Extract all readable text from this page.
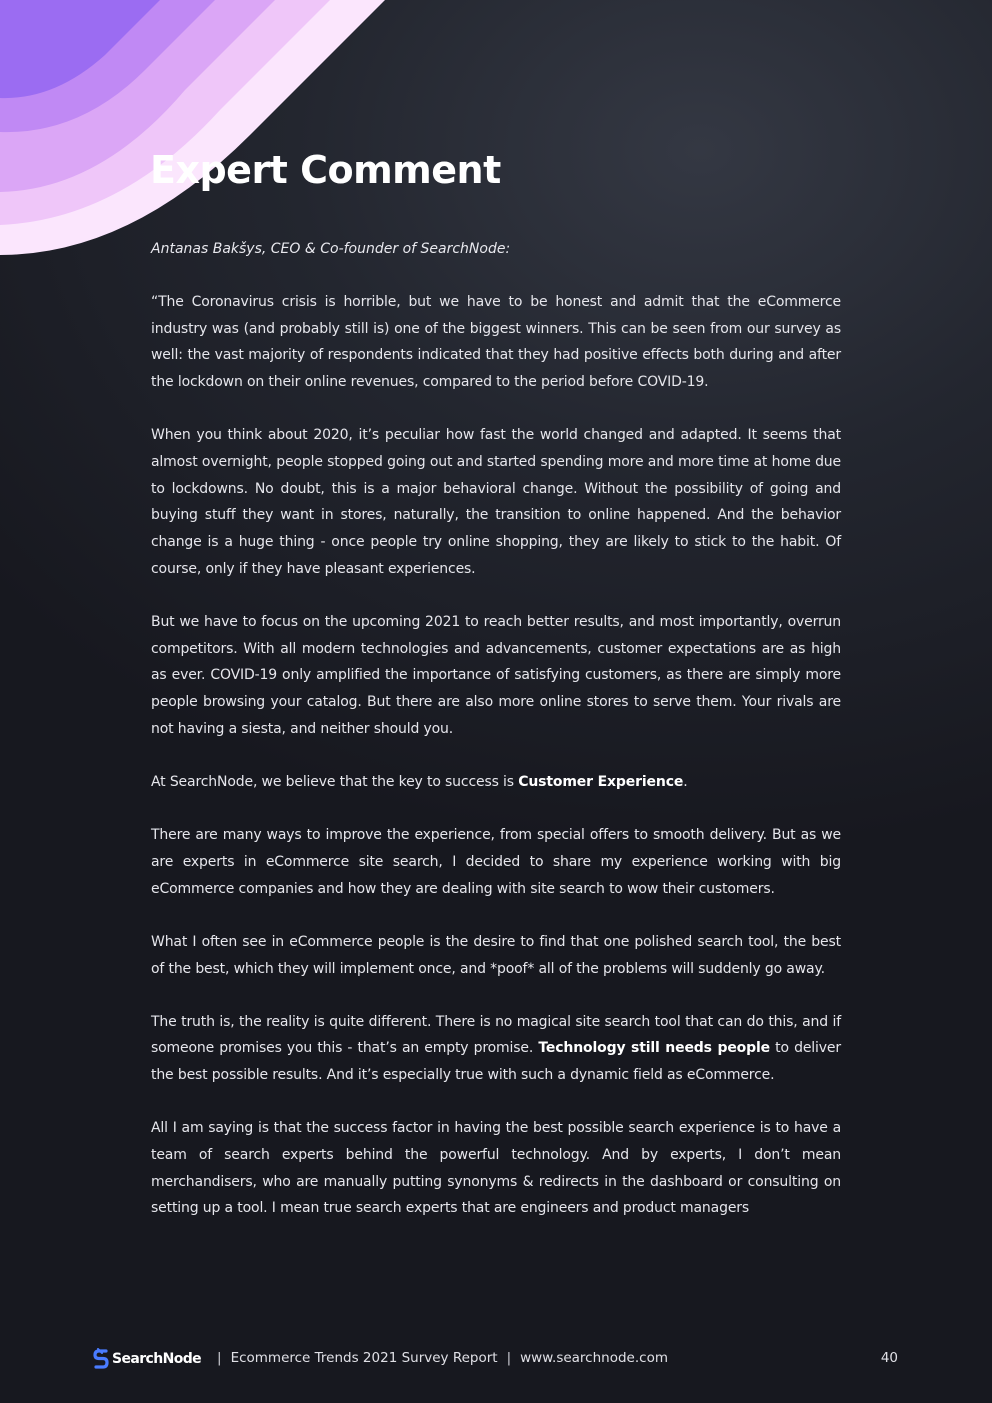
Expert Comment

Antanas Bakšys, CEO & Co-founder of SearchNode:

“The Coronavirus crisis is horrible, but we have to be honest and admit that the eCommerce industry was (and probably still is) one of the biggest winners. This can be seen from our survey as well: the vast majority of respondents indicated that they had positive effects both during and after the lockdown on their online revenues, compared to the period before COVID-19.

When you think about 2020, it’s peculiar how fast the world changed and adapted. It seems that almost overnight, people stopped going out and started spending more and more time at home due to lockdowns. No doubt, this is a major behavioral change. Without the possibility of going and buying stuff they want in stores, naturally, the transition to online happened. And the behavior change is a huge thing - once people try online shopping, they are likely to stick to the habit. Of course, only if they have pleasant experiences.

But we have to focus on the upcoming 2021 to reach better results, and most importantly, overrun competitors. With all modern technologies and advancements, customer expectations are as high as ever. COVID-19 only amplified the importance of satisfying customers, as there are simply more people browsing your catalog. But there are also more online stores to serve them. Your rivals are not having a siesta, and neither should you.

At SearchNode, we believe that the key to success is Customer Experience.

There are many ways to improve the experience, from special offers to smooth delivery. But as we are experts in eCommerce site search, I decided to share my experience working with big eCommerce companies and how they are dealing with site search to wow their customers.

What I often see in eCommerce people is the desire to find that one polished search tool, the best of the best, which they will implement once, and *poof* all of the problems will suddenly go away.

The truth is, the reality is quite different. There is no magical site search tool that can do this, and if someone promises you this - that’s an empty promise. Technology still needs people to deliver the best possible results. And it’s especially true with such a dynamic field as eCommerce.

All I am saying is that the success factor in having the best possible search experience is to have a team of search experts behind the powerful technology. And by experts, I don’t mean merchandisers, who are manually putting synonyms & redirects in the dashboard or consulting on setting up a tool. I mean true search experts that are engineers and product managers

SearchNode	| Ecommerce Trends 2021 Survey Report | www.searchnode.com	40
